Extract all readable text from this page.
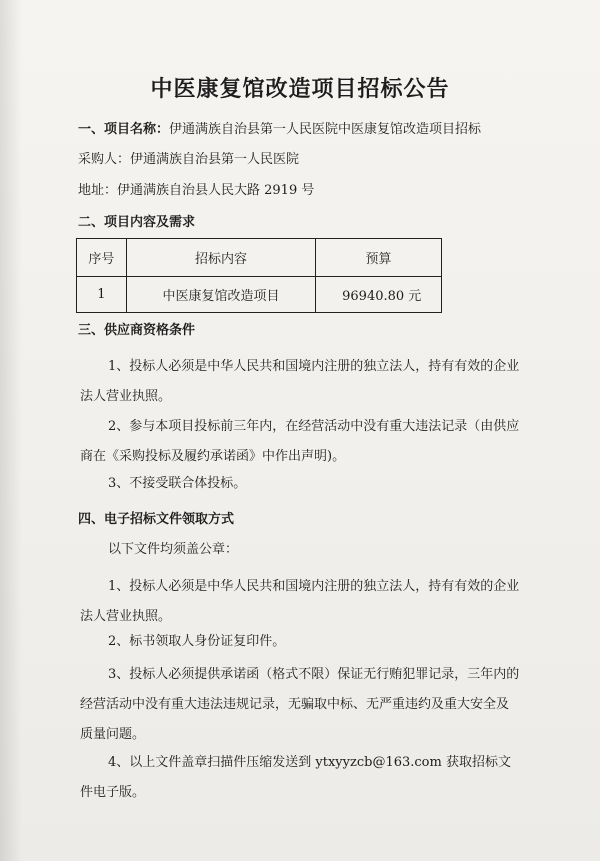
中医康复馆改造项目招标公告
一、项目名称：伊通满族自治县第一人民医院中医康复馆改造项目招标
采购人：伊通满族自治县第一人民医院
地址：伊通满族自治县人民大路 2919 号
二、项目内容及需求
序号	招标内容	预算
1	中医康复馆改造项目	96940.80 元
三、供应商资格条件
1、投标人必须是中华人民共和国境内注册的独立法人，持有有效的企业法人营业执照。
2、参与本项目投标前三年内，在经营活动中没有重大违法记录（由供应商在《采购投标及履约承诺函》中作出声明)。
3、不接受联合体投标。
四、电子招标文件领取方式
以下文件均须盖公章：
1、投标人必须是中华人民共和国境内注册的独立法人，持有有效的企业法人营业执照。
2、标书领取人身份证复印件。
3、投标人必须提供承诺函（格式不限）保证无行贿犯罪记录，三年内的经营活动中没有重大违法违规记录，无骗取中标、无严重违约及重大安全及质量问题。
4、以上文件盖章扫描件压缩发送到 ytxyyzcb@163.com 获取招标文件电子版。
